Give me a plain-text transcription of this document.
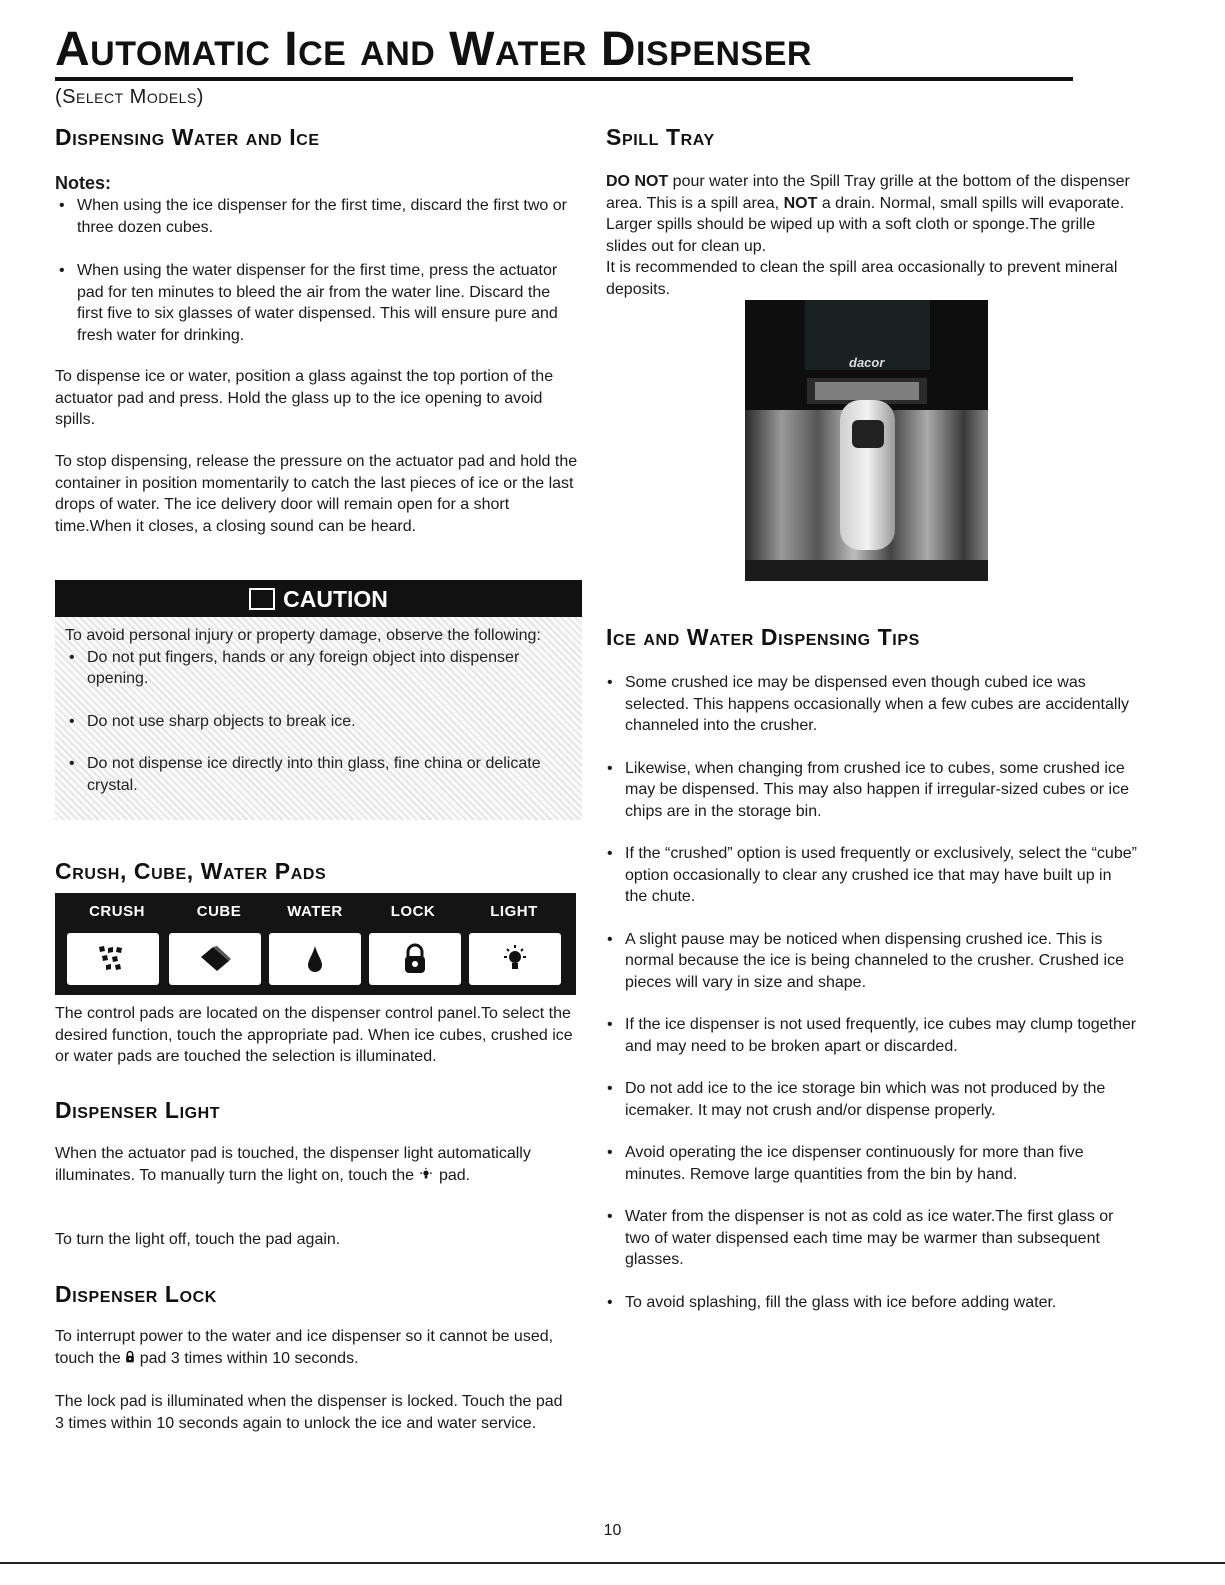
Automatic Ice and Water Dispenser
(Select Models)
Dispensing Water and Ice
Notes:
• When using the ice dispenser for the first time, discard the first two or three dozen cubes.
• When using the water dispenser for the first time, press the actuator pad for ten minutes to bleed the air from the water line. Discard the first five to six glasses of water dispensed. This will ensure pure and fresh water for drinking.

To dispense ice or water, position a glass against the top portion of the actuator pad and press. Hold the glass up to the ice opening to avoid spills.

To stop dispensing, release the pressure on the actuator pad and hold the container in position momentarily to catch the last pieces of ice or the last drops of water. The ice delivery door will remain open for a short time.When it closes, a closing sound can be heard.

CAUTION
To avoid personal injury or property damage, observe the following:
• Do not put fingers, hands or any foreign object into dispenser opening.
• Do not use sharp objects to break ice.
• Do not dispense ice directly into thin glass, fine china or delicate crystal.
Crush, Cube, Water Pads
CRUSH	CUBE	WATER	LOCK	LIGHT

The control pads are located on the dispenser control panel.To select the desired function, touch the appropriate pad. When ice cubes, crushed ice or water pads are touched the selection is illuminated.

Dispenser Light

When the actuator pad is touched, the dispenser light automatically illuminates. To manually turn the light on, touch the pad.

To turn the light off, touch the pad again.

Dispenser Lock

To interrupt power to the water and ice dispenser so it cannot be used, touch the pad 3 times within 10 seconds.

The lock pad is illuminated when the dispenser is locked. Touch the pad 3 times within 10 seconds again to unlock the ice and water service.

Spill Tray

DO NOT pour water into the Spill Tray grille at the bottom of the dispenser area. This is a spill area, NOT a drain. Normal, small spills will evaporate. Larger spills should be wiped up with a soft cloth or sponge.The grille slides out for clean up.
It is recommended to clean the spill area occasionally to prevent mineral deposits.

dacor
Ice and Water Dispensing Tips
• Some crushed ice may be dispensed even though cubed ice was selected. This happens occasionally when a few cubes are accidentally channeled into the crusher.
• Likewise, when changing from crushed ice to cubes, some crushed ice may be dispensed. This may also happen if irregular-sized cubes or ice chips are in the storage bin.
• If the “crushed” option is used frequently or exclusively, select the “cube” option occasionally to clear any crushed ice that may have built up in the chute.
• A slight pause may be noticed when dispensing crushed ice. This is normal because the ice is being channeled to the crusher. Crushed ice pieces will vary in size and shape.
• If the ice dispenser is not used frequently, ice cubes may clump together and may need to be broken apart or discarded.
• Do not add ice to the ice storage bin which was not produced by the icemaker. It may not crush and/or dispense properly.
• Avoid operating the ice dispenser continuously for more than five minutes. Remove large quantities from the bin by hand.
• Water from the dispenser is not as cold as ice water.The first glass or two of water dispensed each time may be warmer than subsequent glasses.
• To avoid splashing, fill the glass with ice before adding water.
10
